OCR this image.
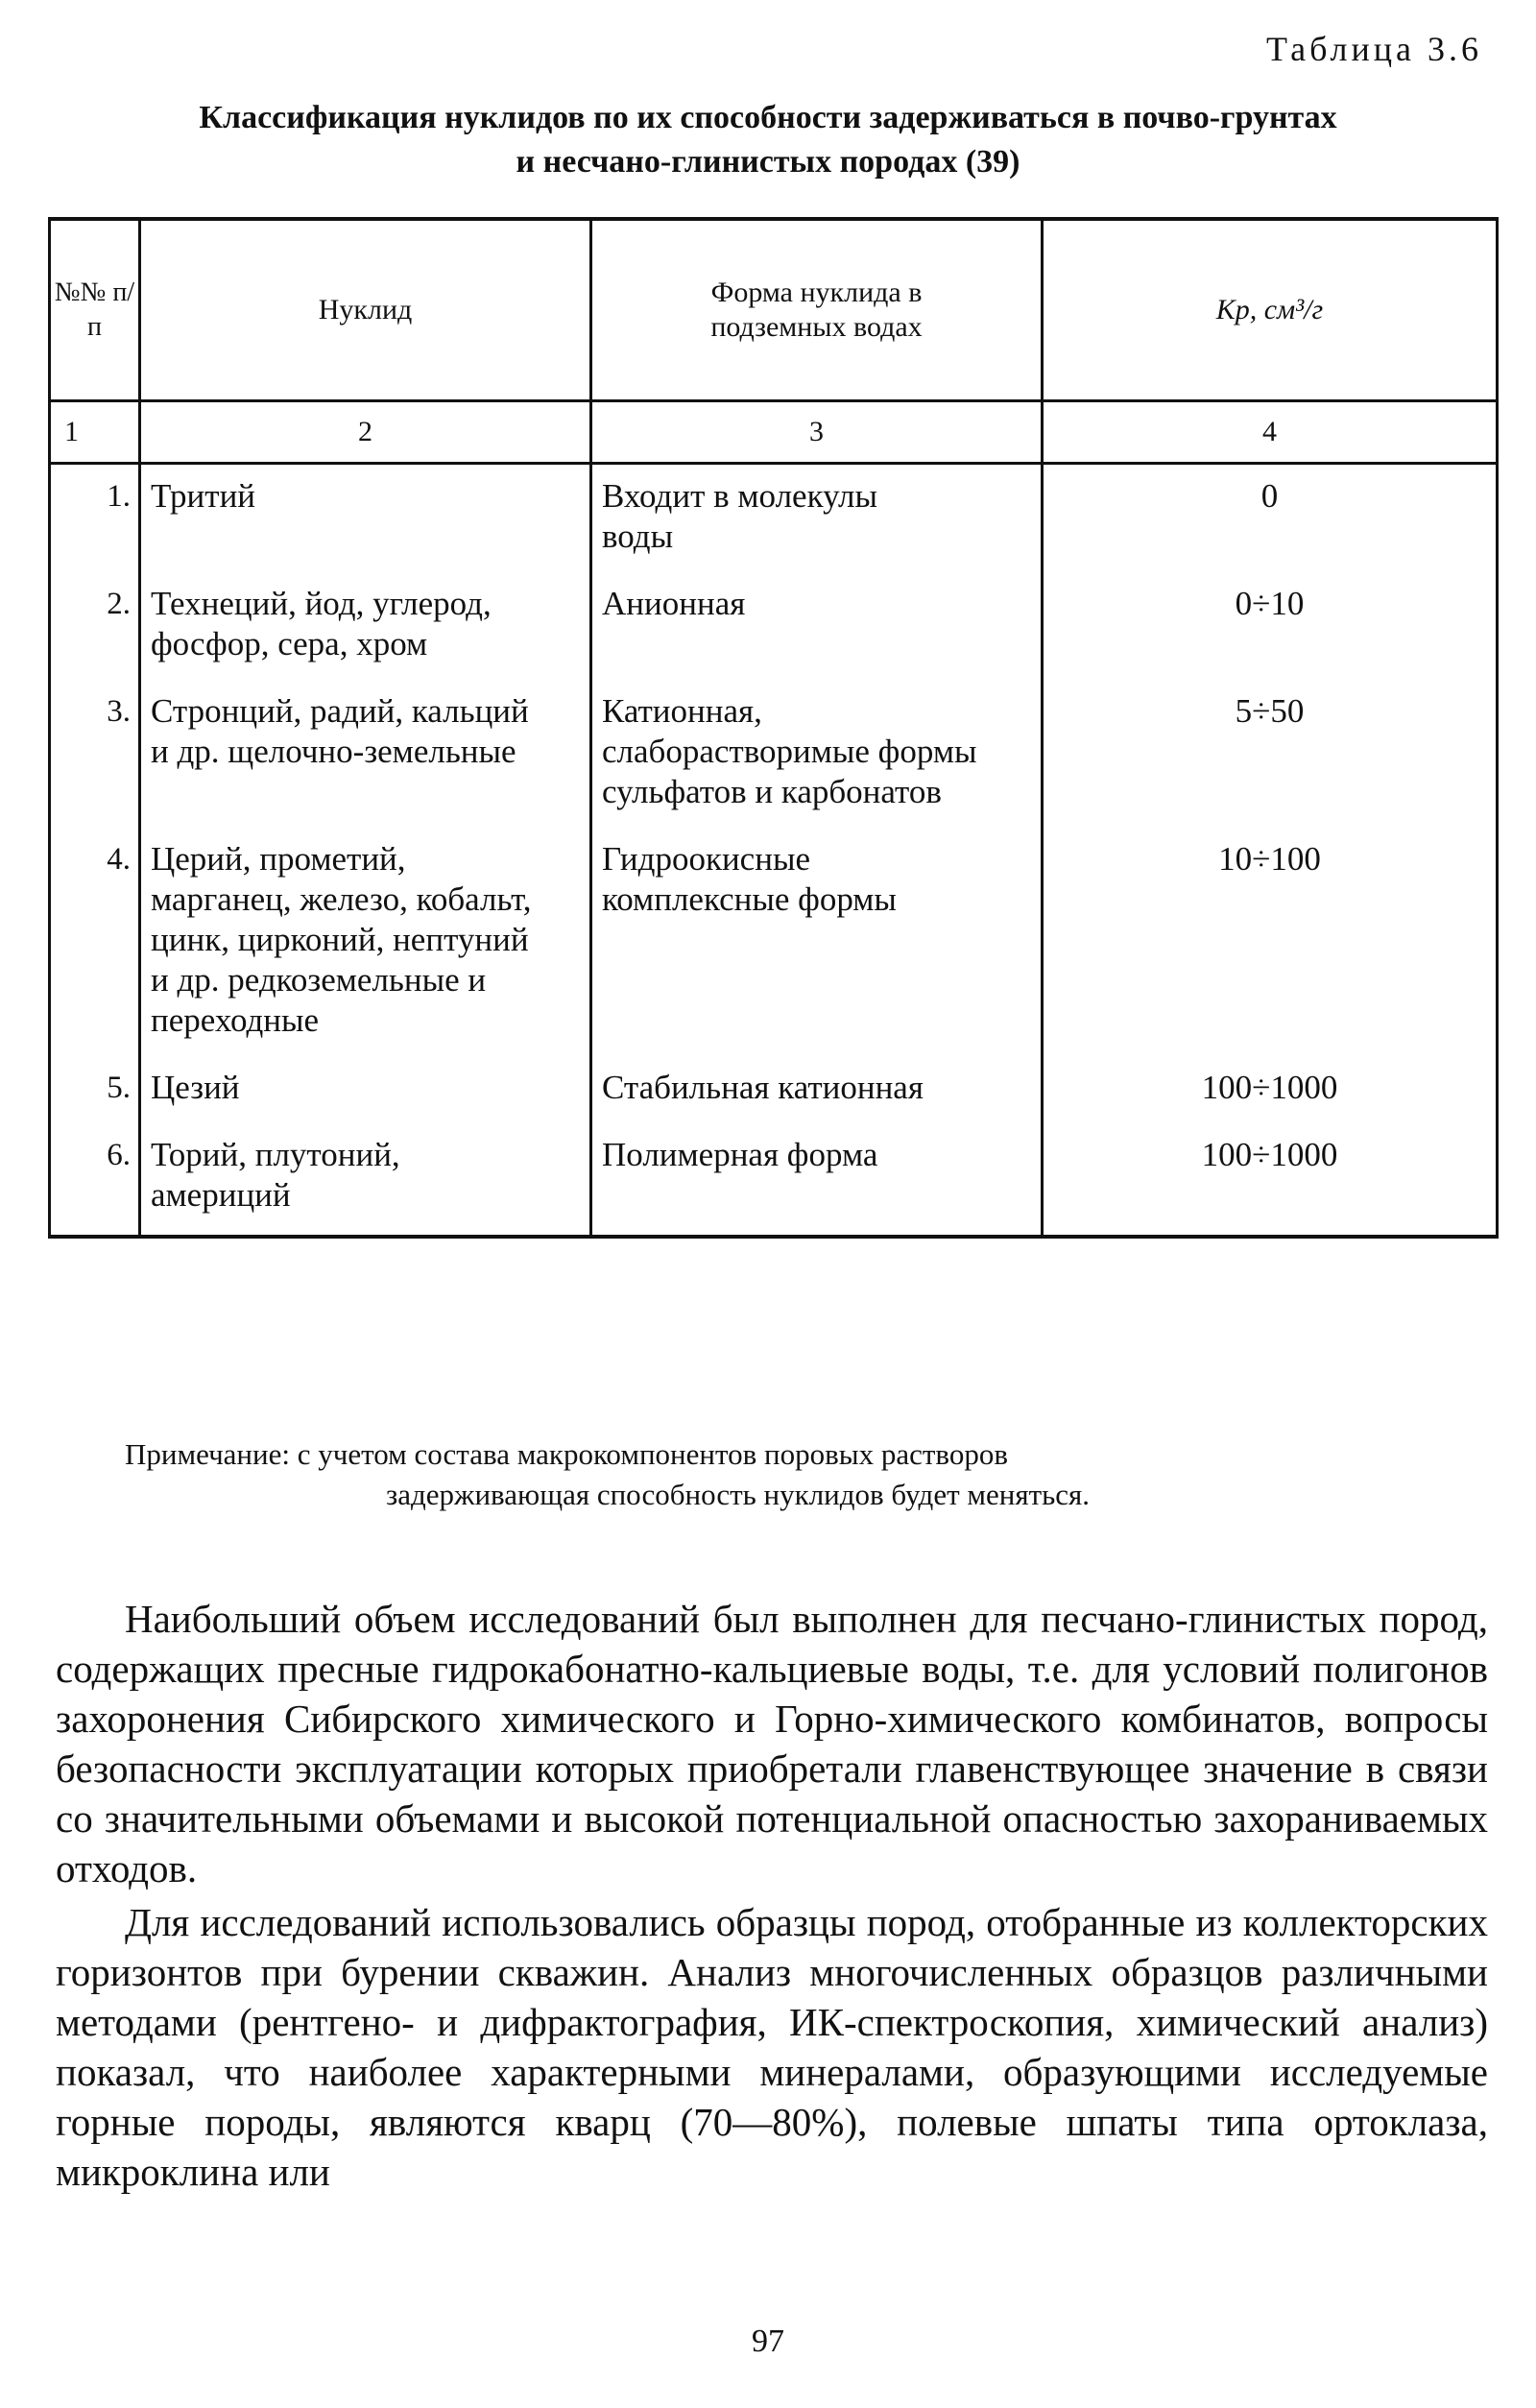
Таблица 3.6
Классификация нуклидов по их способности задерживаться в почво-грунтах
и несчано-глинистых породах (39)
№№ п/п	Нуклид	Форма нуклида в подземных водах	Kp, см³/г
1	2	3	4
1.	Тритий	Входит в молекулы воды	0
2.	Технеций, йод, углерод, фосфор, сера, хром	Анионная	0÷10
3.	Стронций, радий, кальций и др. щелочно-земельные	Катионная, слаборастворимые формы сульфатов и карбонатов	5÷50
4.	Церий, прометий, марганец, железо, кобальт, цинк, цирконий, нептуний и др. редкоземельные и переходные	Гидроокисные комплексные формы	10÷100
5.	Цезий	Стабильная катионная	100÷1000
6.	Торий, плутоний, америций	Полимерная форма	100÷1000
Примечание: с учетом состава макрокомпонентов поровых растворов
задерживающая способность нуклидов будет меняться.

Наибольший объем исследований был выполнен для песчано-глинистых пород, содержащих пресные гидрокабонатно-кальциевые воды, т.е. для условий полигонов захоронения Сибирского химического и Горно-химического комбинатов, вопросы безопасности эксплуатации которых приобретали главенствующее значение в связи со значительными объемами и высокой потенциальной опасностью захораниваемых отходов.

Для исследований использовались образцы пород, отобранные из коллекторских горизонтов при бурении скважин. Анализ многочисленных образцов различными методами (рентгено- и дифрактография, ИК-спектроскопия, химический анализ) показал, что наиболее характерными минералами, образующими исследуемые горные породы, являются кварц (70—80%), полевые шпаты типа ортоклаза, микроклина или

97
